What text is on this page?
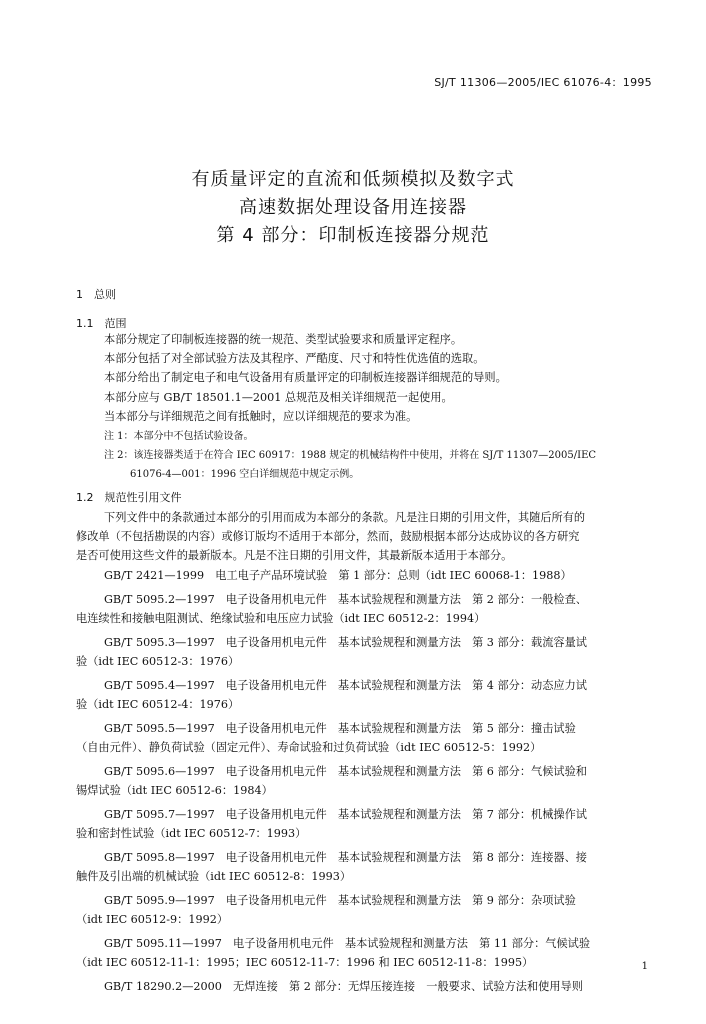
SJ/T 11306—2005/IEC 61076-4：1995
有质量评定的直流和低频模拟及数字式
高速数据处理设备用连接器
第 4 部分：印制板连接器分规范
1　总则
1.1　范围
本部分规定了印制板连接器的统一规范、类型试验要求和质量评定程序。
本部分包括了对全部试验方法及其程序、严酷度、尺寸和特性优选值的选取。
本部分给出了制定电子和电气设备用有质量评定的印制板连接器详细规范的导则。
本部分应与 GB/T 18501.1—2001 总规范及相关详细规范一起使用。
当本部分与详细规范之间有抵触时，应以详细规范的要求为准。
注 1：本部分中不包括试验设备。
注 2：该连接器类适于在符合 IEC 60917：1988 规定的机械结构件中使用，并将在 SJ/T 11307—2005/IEC
61076-4—001：1996 空白详细规范中规定示例。
1.2　规范性引用文件
下列文件中的条款通过本部分的引用而成为本部分的条款。凡是注日期的引用文件，其随后所有的
修改单（不包括勘误的内容）或修订版均不适用于本部分，然而，鼓励根据本部分达成协议的各方研究
是否可使用这些文件的最新版本。凡是不注日期的引用文件，其最新版本适用于本部分。
GB/T 2421—1999　电工电子产品环境试验　第 1 部分：总则（idt IEC 60068-1：1988）
GB/T 5095.2—1997　电子设备用机电元件　基本试验规程和测量方法　第 2 部分：一般检查、
电连续性和接触电阻测试、绝缘试验和电压应力试验（idt IEC 60512-2：1994）
GB/T 5095.3—1997　电子设备用机电元件　基本试验规程和测量方法　第 3 部分：载流容量试
验（idt IEC 60512-3：1976）
GB/T 5095.4—1997　电子设备用机电元件　基本试验规程和测量方法　第 4 部分：动态应力试
验（idt IEC 60512-4：1976）
GB/T 5095.5—1997　电子设备用机电元件　基本试验规程和测量方法　第 5 部分：撞击试验
（自由元件）、静负荷试验（固定元件）、寿命试验和过负荷试验（idt IEC 60512-5：1992）
GB/T 5095.6—1997　电子设备用机电元件　基本试验规程和测量方法　第 6 部分：气候试验和
锡焊试验（idt IEC 60512-6：1984）
GB/T 5095.7—1997　电子设备用机电元件　基本试验规程和测量方法　第 7 部分：机械操作试
验和密封性试验（idt IEC 60512-7：1993）
GB/T 5095.8—1997　电子设备用机电元件　基本试验规程和测量方法　第 8 部分：连接器、接
触件及引出端的机械试验（idt IEC 60512-8：1993）
GB/T 5095.9—1997　电子设备用机电元件　基本试验规程和测量方法　第 9 部分：杂项试验
（idt IEC 60512-9：1992）
GB/T 5095.11—1997　电子设备用机电元件　基本试验规程和测量方法　第 11 部分：气候试验
（idt IEC 60512-11-1：1995；IEC 60512-11-7：1996 和 IEC 60512-11-8：1995）
GB/T 18290.2—2000　无焊连接　第 2 部分：无焊压接连接　一般要求、试验方法和使用导则
1
